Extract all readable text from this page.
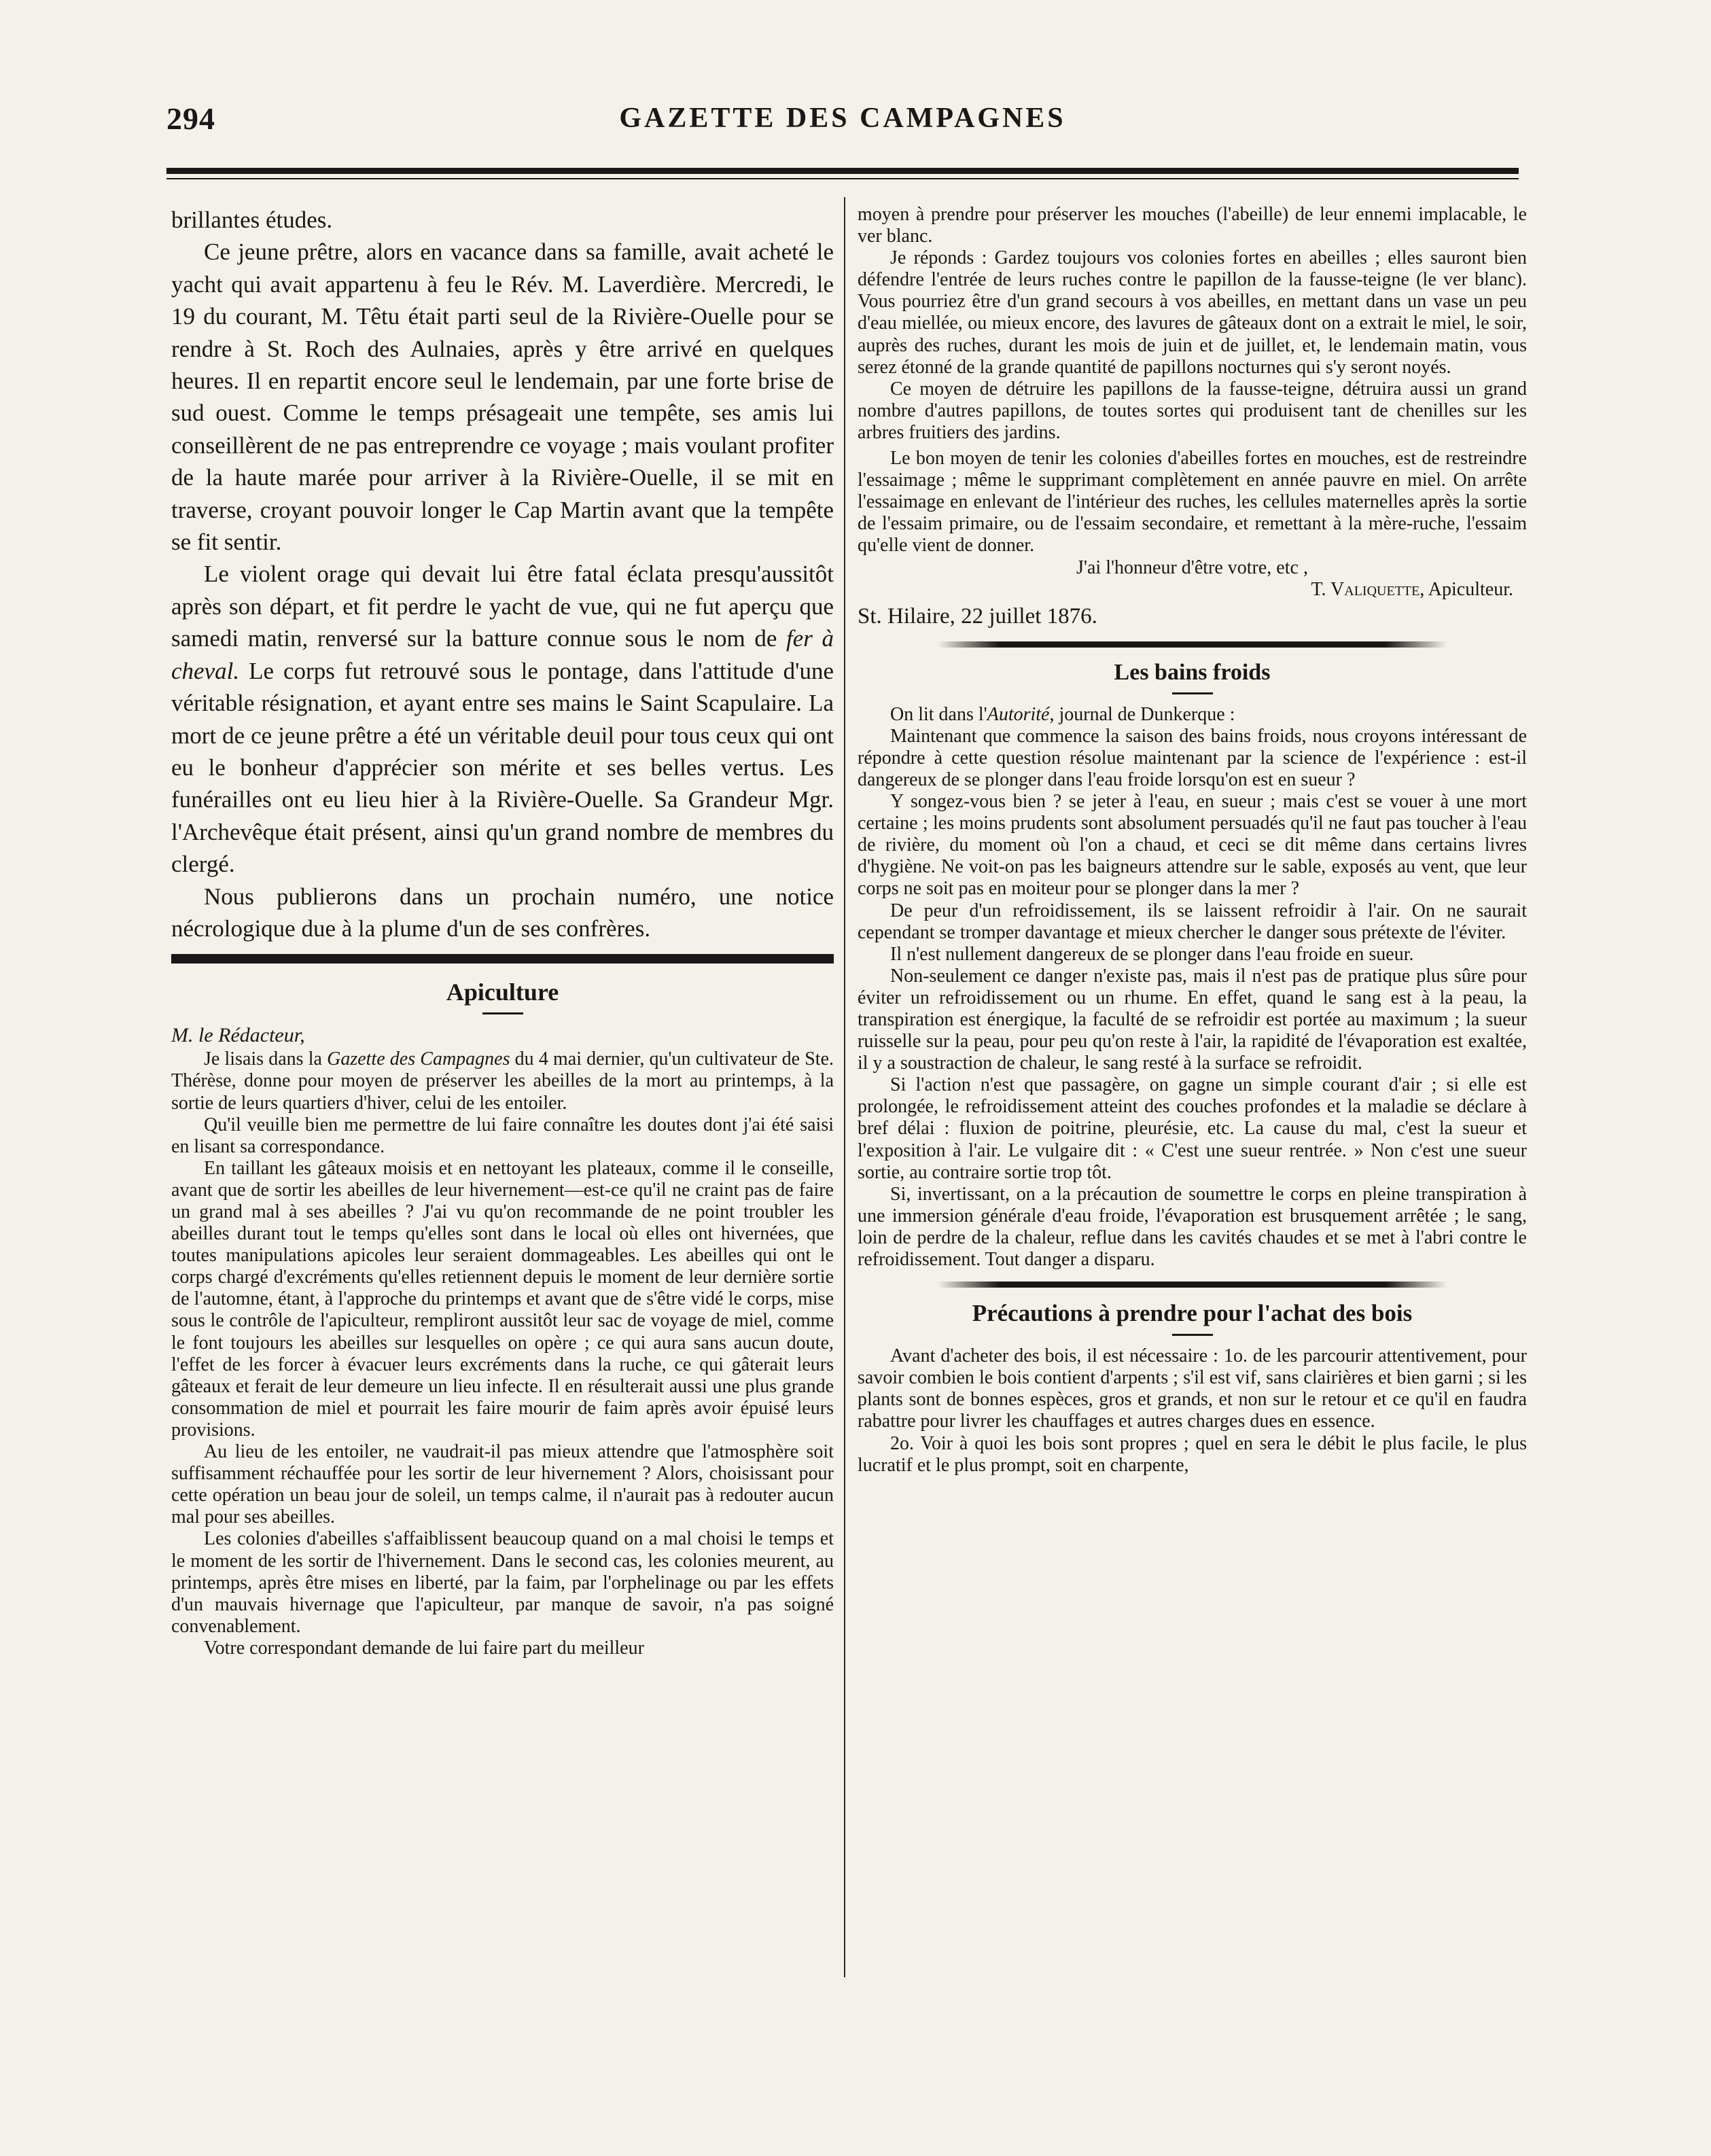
294	GAZETTE DES CAMPAGNES

brillantes études.

Ce jeune prêtre, alors en vacance dans sa famille, avait acheté le yacht qui avait appartenu à feu le Rév. M. Laverdière. Mercredi, le 19 du courant, M. Têtu était parti seul de la Rivière-Ouelle pour se rendre à St. Roch des Aulnaies, après y être arrivé en quelques heures. Il en repartit encore seul le lendemain, par une forte brise de sud ouest. Comme le temps présageait une tempête, ses amis lui conseillèrent de ne pas entreprendre ce voyage ; mais voulant profiter de la haute marée pour arriver à la Rivière-Ouelle, il se mit en traverse, croyant pouvoir longer le Cap Martin avant que la tempête se fit sentir.

Le violent orage qui devait lui être fatal éclata presqu'aussitôt après son départ, et fit perdre le yacht de vue, qui ne fut aperçu que samedi matin, renversé sur la batture connue sous le nom de fer à cheval. Le corps fut retrouvé sous le pontage, dans l'attitude d'une véritable résignation, et ayant entre ses mains le Saint Scapulaire. La mort de ce jeune prêtre a été un véritable deuil pour tous ceux qui ont eu le bonheur d'apprécier son mérite et ses belles vertus. Les funérailles ont eu lieu hier à la Rivière-Ouelle. Sa Grandeur Mgr. l'Archevêque était présent, ainsi qu'un grand nombre de membres du clergé.

Nous publierons dans un prochain numéro, une notice nécrologique due à la plume d'un de ses confrères.

Apiculture

M. le Rédacteur,

Je lisais dans la Gazette des Campagnes du 4 mai dernier, qu'un cultivateur de Ste. Thérèse, donne pour moyen de préserver les abeilles de la mort au printemps, à la sortie de leurs quartiers d'hiver, celui de les entoiler.

Qu'il veuille bien me permettre de lui faire connaître les doutes dont j'ai été saisi en lisant sa correspondance.

En taillant les gâteaux moisis et en nettoyant les plateaux, comme il le conseille, avant que de sortir les abeilles de leur hivernement—est-ce qu'il ne craint pas de faire un grand mal à ses abeilles ? J'ai vu qu'on recommande de ne point troubler les abeilles durant tout le temps qu'elles sont dans le local où elles ont hivernées, que toutes manipulations apicoles leur seraient dommageables. Les abeilles qui ont le corps chargé d'excréments qu'elles retiennent depuis le moment de leur dernière sortie de l'automne, étant, à l'approche du printemps et avant que de s'être vidé le corps, mise sous le contrôle de l'apiculteur, rempliront aussitôt leur sac de voyage de miel, comme le font toujours les abeilles sur lesquelles on opère ; ce qui aura sans aucun doute, l'effet de les forcer à évacuer leurs excréments dans la ruche, ce qui gâterait leurs gâteaux et ferait de leur demeure un lieu infecte. Il en résulterait aussi une plus grande consommation de miel et pourrait les faire mourir de faim après avoir épuisé leurs provisions.

Au lieu de les entoiler, ne vaudrait-il pas mieux attendre que l'atmosphère soit suffisamment réchauffée pour les sortir de leur hivernement ? Alors, choisissant pour cette opération un beau jour de soleil, un temps calme, il n'aurait pas à redouter aucun mal pour ses abeilles.

Les colonies d'abeilles s'affaiblissent beaucoup quand on a mal choisi le temps et le moment de les sortir de l'hivernement. Dans le second cas, les colonies meurent, au printemps, après être mises en liberté, par la faim, par l'orphelinage ou par les effets d'un mauvais hivernage que l'apiculteur, par manque de savoir, n'a pas soigné convenablement.

Votre correspondant demande de lui faire part du meilleur

moyen à prendre pour préserver les mouches (l'abeille) de leur ennemi implacable, le ver blanc.

Je réponds : Gardez toujours vos colonies fortes en abeilles ; elles sauront bien défendre l'entrée de leurs ruches contre le papillon de la fausse-teigne (le ver blanc). Vous pourriez être d'un grand secours à vos abeilles, en mettant dans un vase un peu d'eau miellée, ou mieux encore, des lavures de gâteaux dont on a extrait le miel, le soir, auprès des ruches, durant les mois de juin et de juillet, et, le lendemain matin, vous serez étonné de la grande quantité de papillons nocturnes qui s'y seront noyés.

Ce moyen de détruire les papillons de la fausse-teigne, détruira aussi un grand nombre d'autres papillons, de toutes sortes qui produisent tant de chenilles sur les arbres fruitiers des jardins.

Le bon moyen de tenir les colonies d'abeilles fortes en mouches, est de restreindre l'essaimage ; même le supprimant complètement en année pauvre en miel. On arrête l'essaimage en enlevant de l'intérieur des ruches, les cellules maternelles après la sortie de l'essaim primaire, ou de l'essaim secondaire, et remettant à la mère-ruche, l'essaim qu'elle vient de donner.

J'ai l'honneur d'être votre, etc ,

T. Valiquette, Apiculteur.

St. Hilaire, 22 juillet 1876.

Les bains froids

On lit dans l'Autorité, journal de Dunkerque :

Maintenant que commence la saison des bains froids, nous croyons intéressant de répondre à cette question résolue maintenant par la science de l'expérience : est-il dangereux de se plonger dans l'eau froide lorsqu'on est en sueur ?

Y songez-vous bien ? se jeter à l'eau, en sueur ; mais c'est se vouer à une mort certaine ; les moins prudents sont absolument persuadés qu'il ne faut pas toucher à l'eau de rivière, du moment où l'on a chaud, et ceci se dit même dans certains livres d'hygiène. Ne voit-on pas les baigneurs attendre sur le sable, exposés au vent, que leur corps ne soit pas en moiteur pour se plonger dans la mer ?

De peur d'un refroidissement, ils se laissent refroidir à l'air. On ne saurait cependant se tromper davantage et mieux chercher le danger sous prétexte de l'éviter.

Il n'est nullement dangereux de se plonger dans l'eau froide en sueur.

Non-seulement ce danger n'existe pas, mais il n'est pas de pratique plus sûre pour éviter un refroidissement ou un rhume. En effet, quand le sang est à la peau, la transpiration est énergique, la faculté de se refroidir est portée au maximum ; la sueur ruisselle sur la peau, pour peu qu'on reste à l'air, la rapidité de l'évaporation est exaltée, il y a soustraction de chaleur, le sang resté à la surface se refroidit.

Si l'action n'est que passagère, on gagne un simple courant d'air ; si elle est prolongée, le refroidissement atteint des couches profondes et la maladie se déclare à bref délai : fluxion de poitrine, pleurésie, etc. La cause du mal, c'est la sueur et l'exposition à l'air. Le vulgaire dit : « C'est une sueur rentrée. » Non c'est une sueur sortie, au contraire sortie trop tôt.

Si, invertissant, on a la précaution de soumettre le corps en pleine transpiration à une immersion générale d'eau froide, l'évaporation est brusquement arrêtée ; le sang, loin de perdre de la chaleur, reflue dans les cavités chaudes et se met à l'abri contre le refroidissement. Tout danger a disparu.

Précautions à prendre pour l'achat des bois

Avant d'acheter des bois, il est nécessaire : 1o. de les parcourir attentivement, pour savoir combien le bois contient d'arpents ; s'il est vif, sans clairières et bien garni ; si les plants sont de bonnes espèces, gros et grands, et non sur le retour et ce qu'il en faudra rabattre pour livrer les chauffages et autres charges dues en essence.

2o. Voir à quoi les bois sont propres ; quel en sera le débit le plus facile, le plus lucratif et le plus prompt, soit en charpente,
